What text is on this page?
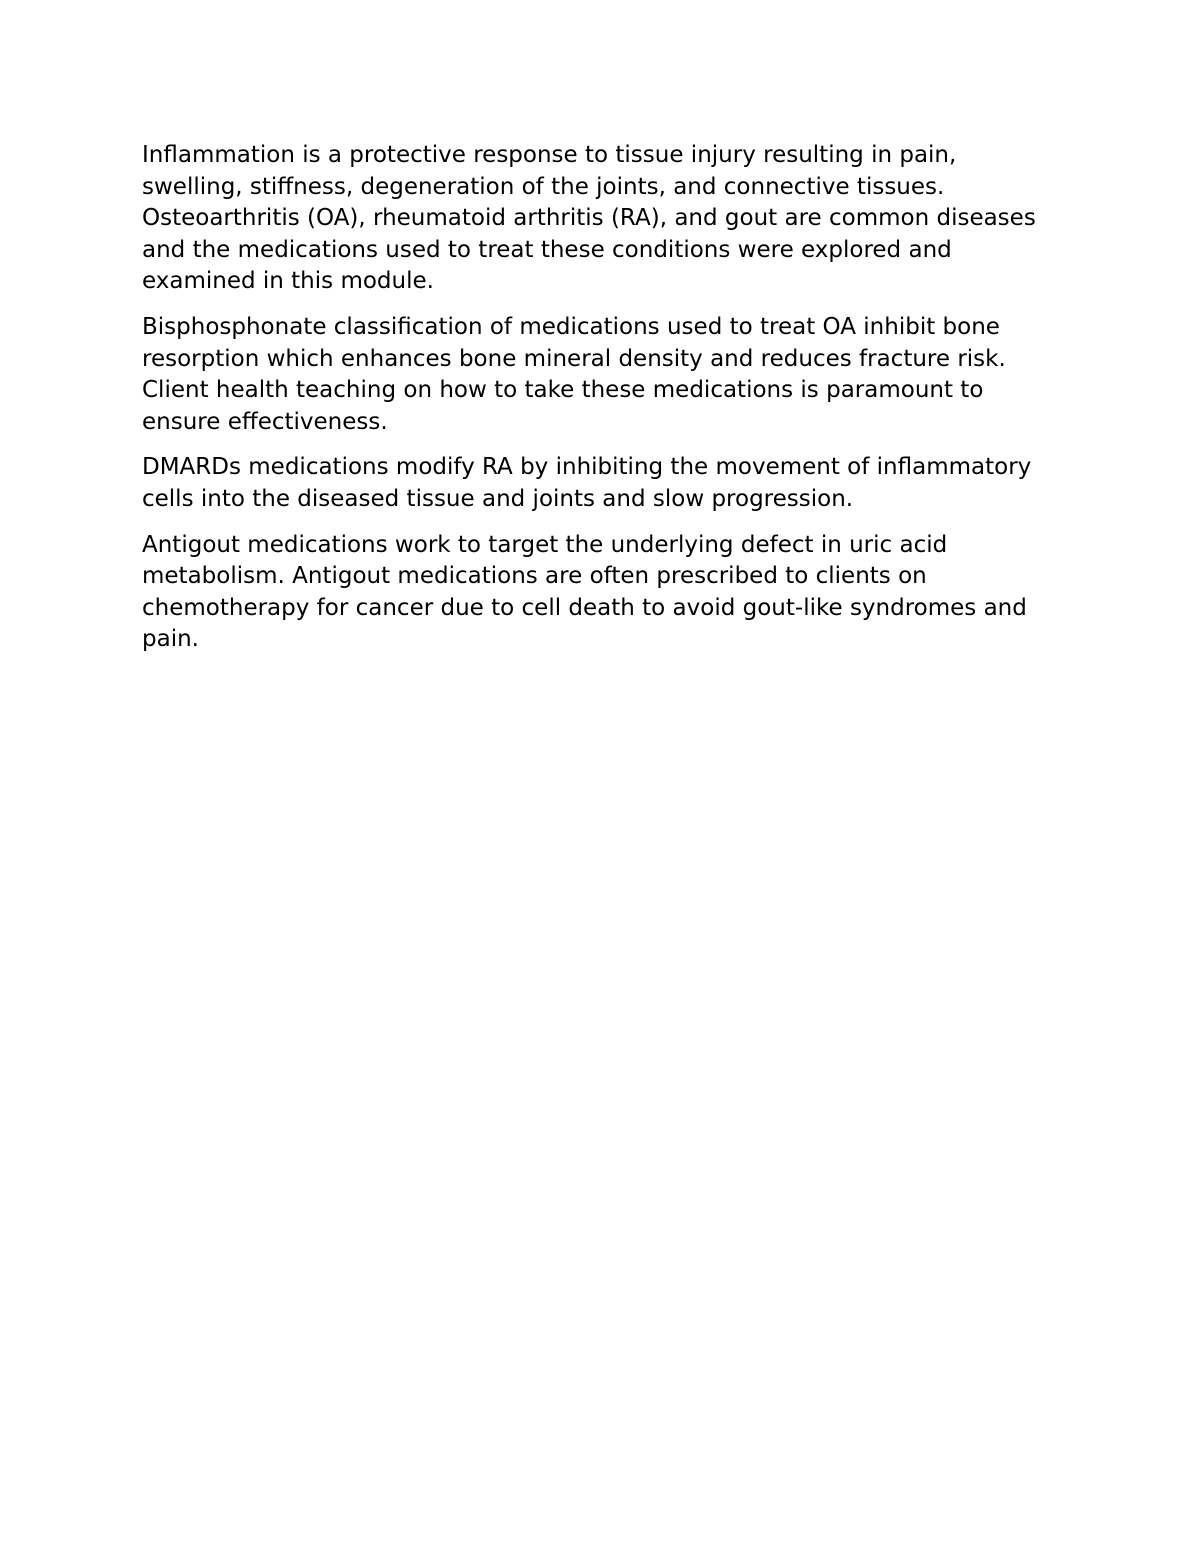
Inflammation is a protective response to tissue injury resulting in pain,
swelling, stiffness, degeneration of the joints, and connective tissues.
Osteoarthritis (OA), rheumatoid arthritis (RA), and gout are common diseases
and the medications used to treat these conditions were explored and
examined in this module.

Bisphosphonate classification of medications used to treat OA inhibit bone
resorption which enhances bone mineral density and reduces fracture risk.
Client health teaching on how to take these medications is paramount to
ensure effectiveness.

DMARDs medications modify RA by inhibiting the movement of inflammatory
cells into the diseased tissue and joints and slow progression.

Antigout medications work to target the underlying defect in uric acid
metabolism. Antigout medications are often prescribed to clients on
chemotherapy for cancer due to cell death to avoid gout-like syndromes and
pain.
